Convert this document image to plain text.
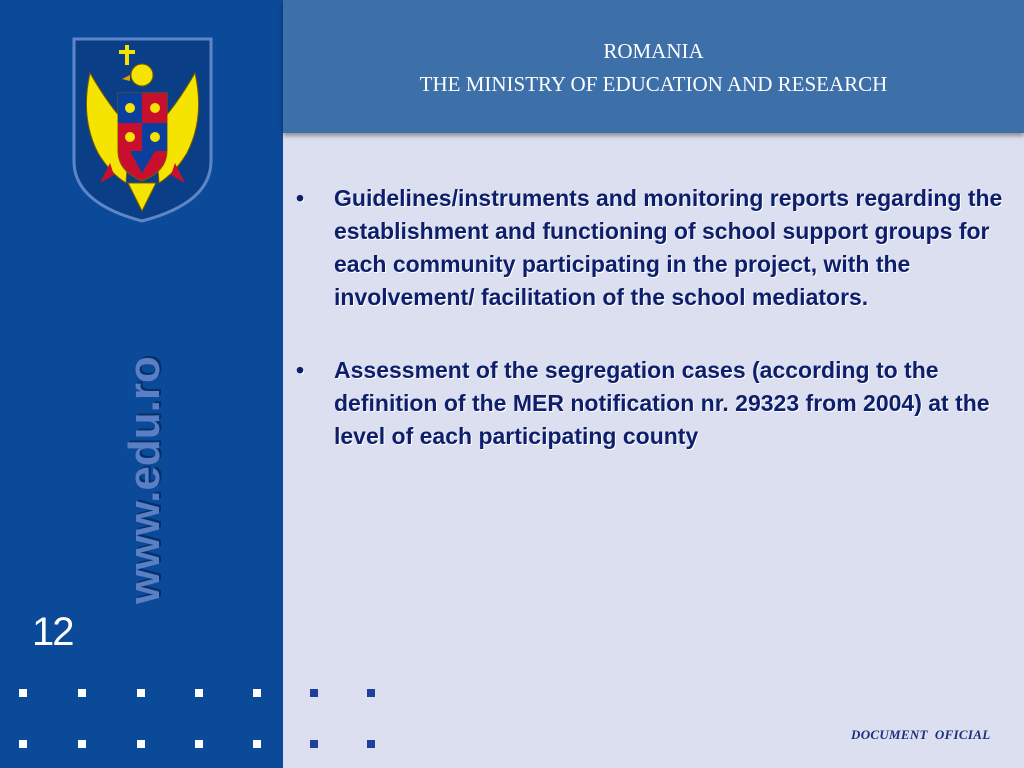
www.edu.ro
12
ROMANIA
THE MINISTRY OF EDUCATION AND RESEARCH

• Guidelines/instruments and monitoring reports regarding the establishment and functioning of school support groups for each community participating in the project, with the involvement/ facilitation of the school mediators.

• Assessment of the segregation cases (according to the definition of the MER notification nr. 29323 from 2004) at the level of each participating county

DOCUMENT  OFICIAL
